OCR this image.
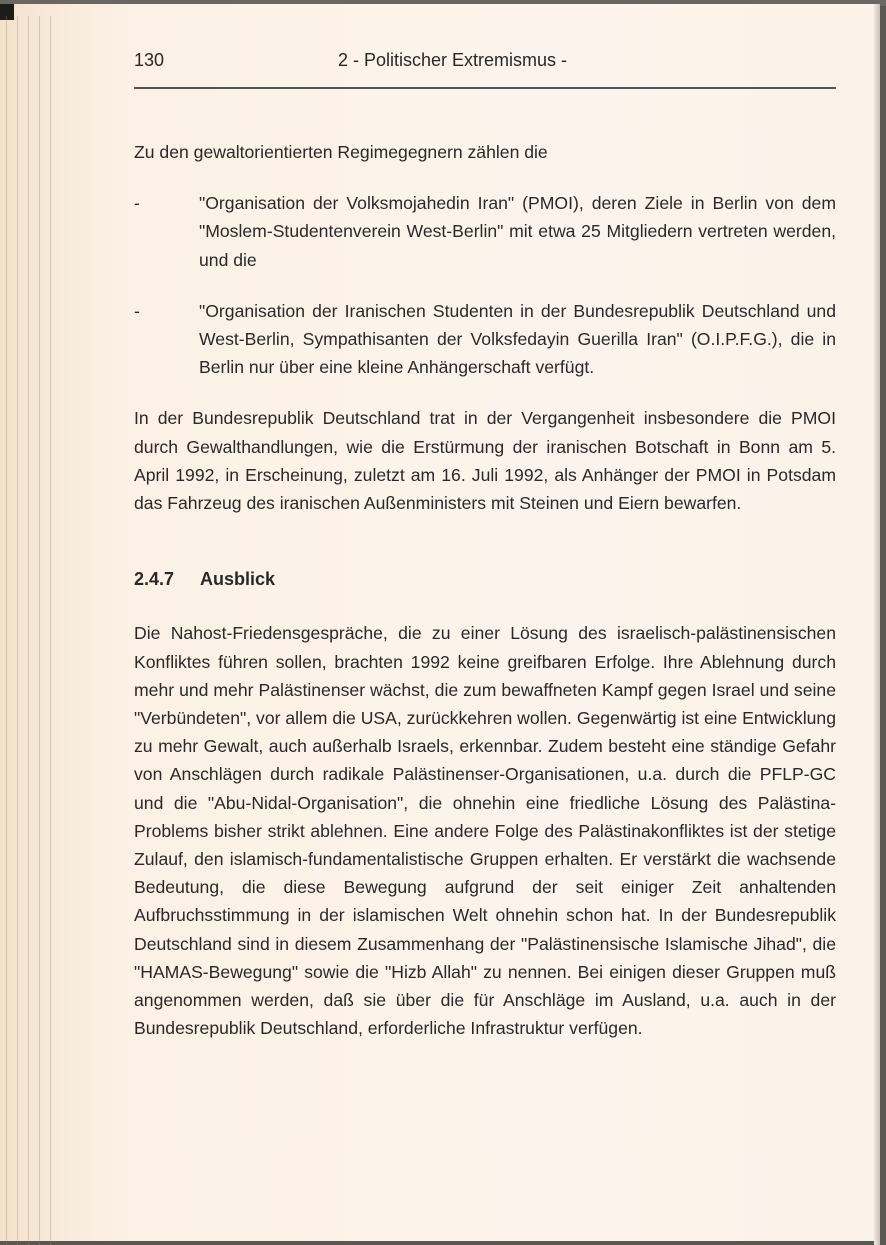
130	2 - Politischer Extremismus -

Zu den gewaltorientierten Regimegegnern zählen die

-	"Organisation der Volksmojahedin Iran" (PMOI), deren Ziele in Berlin von dem "Moslem-Studentenverein West-Berlin" mit etwa 25 Mitgliedern vertreten werden, und die

-	"Organisation der Iranischen Studenten in der Bundesrepublik Deutschland und West-Berlin, Sympathisanten der Volksfedayin Guerilla Iran" (O.I.P.F.G.), die in Berlin nur über eine kleine Anhängerschaft verfügt.

In der Bundesrepublik Deutschland trat in der Vergangenheit insbesondere die PMOI durch Gewalthandlungen, wie die Erstürmung der iranischen Botschaft in Bonn am 5. April 1992, in Erscheinung, zuletzt am 16. Juli 1992, als Anhänger der PMOI in Potsdam das Fahrzeug des iranischen Außenministers mit Steinen und Eiern bewarfen.

2.4.7 Ausblick

Die Nahost-Friedensgespräche, die zu einer Lösung des israelisch-palästinensischen Konfliktes führen sollen, brachten 1992 keine greifbaren Erfolge. Ihre Ablehnung durch mehr und mehr Palästinenser wächst, die zum bewaffneten Kampf gegen Israel und seine "Verbündeten", vor allem die USA, zurückkehren wollen. Gegenwärtig ist eine Entwicklung zu mehr Gewalt, auch außerhalb Israels, erkennbar. Zudem besteht eine ständige Gefahr von Anschlägen durch radikale Palästinenser-Organisationen, u.a. durch die PFLP-GC und die "Abu-Nidal-Organisation", die ohnehin eine friedliche Lösung des Palästina-Problems bisher strikt ablehnen. Eine andere Folge des Palästinakonfliktes ist der stetige Zulauf, den islamisch-fundamentalistische Gruppen erhalten. Er verstärkt die wachsende Bedeutung, die diese Bewegung aufgrund der seit einiger Zeit anhaltenden Aufbruchsstimmung in der islamischen Welt ohnehin schon hat. In der Bundesrepublik Deutschland sind in diesem Zusammenhang der "Palästinensische Islamische Jihad", die "HAMAS-Bewegung" sowie die "Hizb Allah" zu nennen. Bei einigen dieser Gruppen muß angenommen werden, daß sie über die für Anschläge im Ausland, u.a. auch in der Bundesrepublik Deutschland, erforderliche Infrastruktur verfügen.
